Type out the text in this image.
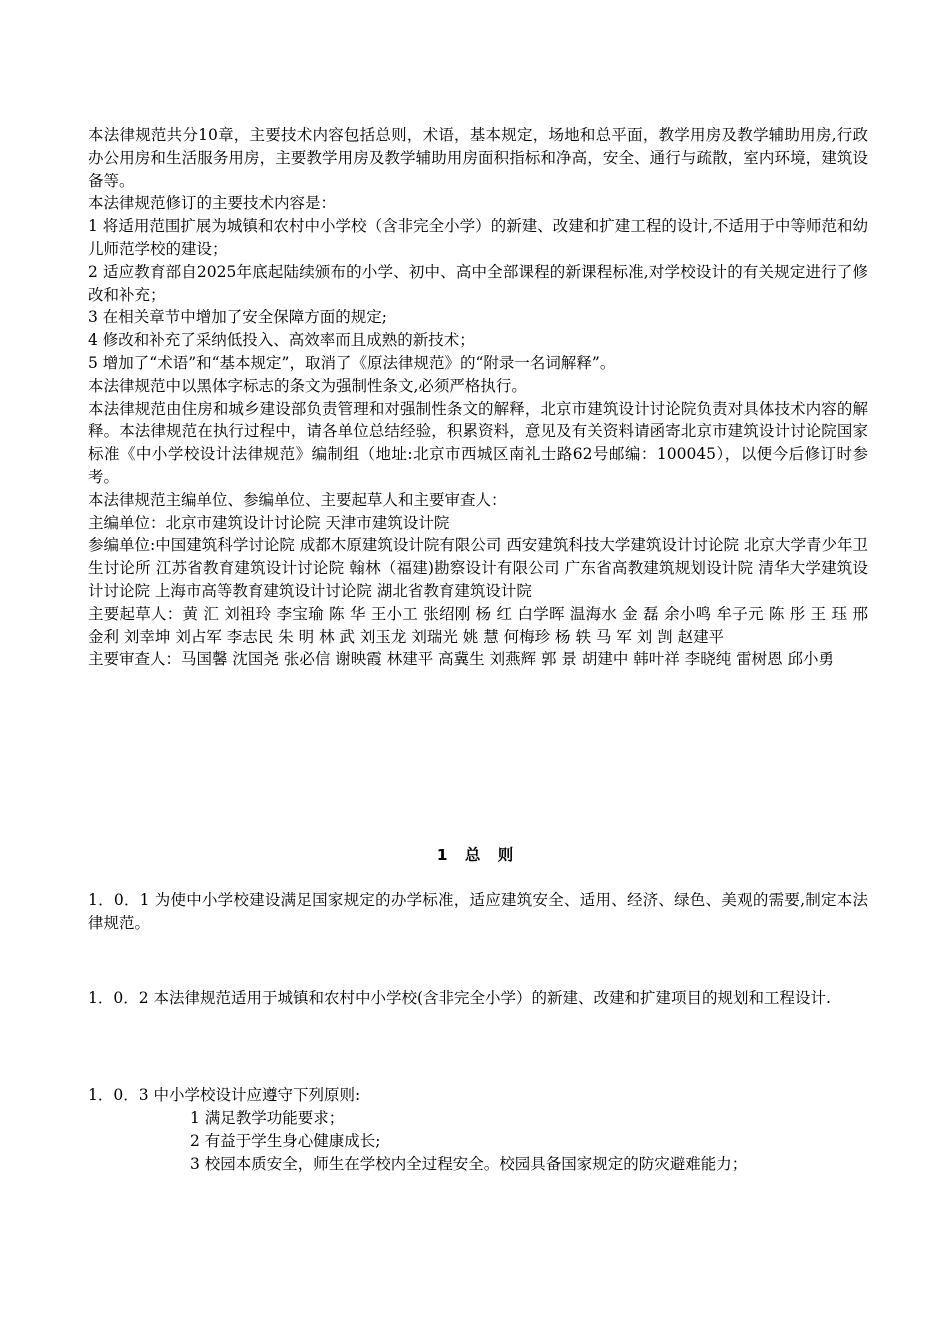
本法律规范共分10章，主要技术内容包括总则，术语，基本规定，场地和总平面，教学用房及教学辅助用房,行政办公用房和生活服务用房，主要教学用房及教学辅助用房面积指标和净高，安全、通行与疏散，室内环境，建筑设备等。

本法律规范修订的主要技术内容是：

1 将适用范围扩展为城镇和农村中小学校（含非完全小学）的新建、改建和扩建工程的设计,不适用于中等师范和幼儿师范学校的建设；

2 适应教育部自2025年底起陆续颁布的小学、初中、高中全部课程的新课程标准,对学校设计的有关规定进行了修改和补充；

3 在相关章节中增加了安全保障方面的规定;

4 修改和补充了采纳低投入、高效率而且成熟的新技术；

5 增加了“术语”和“基本规定”，取消了《原法律规范》的“附录一名词解释”。

本法律规范中以黑体字标志的条文为强制性条文,必须严格执行。

本法律规范由住房和城乡建设部负责管理和对强制性条文的解释，北京市建筑设计讨论院负责对具体技术内容的解释。本法律规范在执行过程中，请各单位总结经验，积累资料，意见及有关资料请函寄北京市建筑设计讨论院国家标准《中小学校设计法律规范》编制组（地址:北京市西城区南礼士路62号邮编：100045），以便今后修订时参考。

本法律规范主编单位、参编单位、主要起草人和主要审查人：

主编单位：北京市建筑设计讨论院 天津市建筑设计院

参编单位:中国建筑科学讨论院 成都木原建筑设计院有限公司 西安建筑科技大学建筑设计讨论院 北京大学青少年卫生讨论所 江苏省教育建筑设计讨论院 翰林（福建)勘察设计有限公司 广东省高教建筑规划设计院 清华大学建筑设计讨论院 上海市高等教育建筑设计讨论院 湖北省教育建筑设计院

主要起草人：黄 汇 刘祖玲 李宝瑜 陈 华 王小工 张绍刚 杨 红 白学晖 温海水 金 磊 余小鸣 牟子元 陈 彤 王 珏 邢金利 刘幸坤 刘占军 李志民 朱 明 林 武 刘玉龙 刘瑞光 姚 慧 何梅珍 杨 轶 马 军 刘 剀 赵建平

主要审查人：马国馨 沈国尧 张必信 谢映霞 林建平 高冀生 刘燕辉 郭 景 胡建中 韩叶祥 李晓纯 雷树恩 邱小勇

1 总 则
1．0．1 为使中小学校建设满足国家规定的办学标准，适应建筑安全、适用、经济、绿色、美观的需要,制定本法律规范。
1．0．2 本法律规范适用于城镇和农村中小学校(含非完全小学）的新建、改建和扩建项目的规划和工程设计.
1．0．3 中小学校设计应遵守下列原则:
1 满足教学功能要求；
2 有益于学生身心健康成长;
3 校园本质安全，师生在学校内全过程安全。校园具备国家规定的防灾避难能力；
